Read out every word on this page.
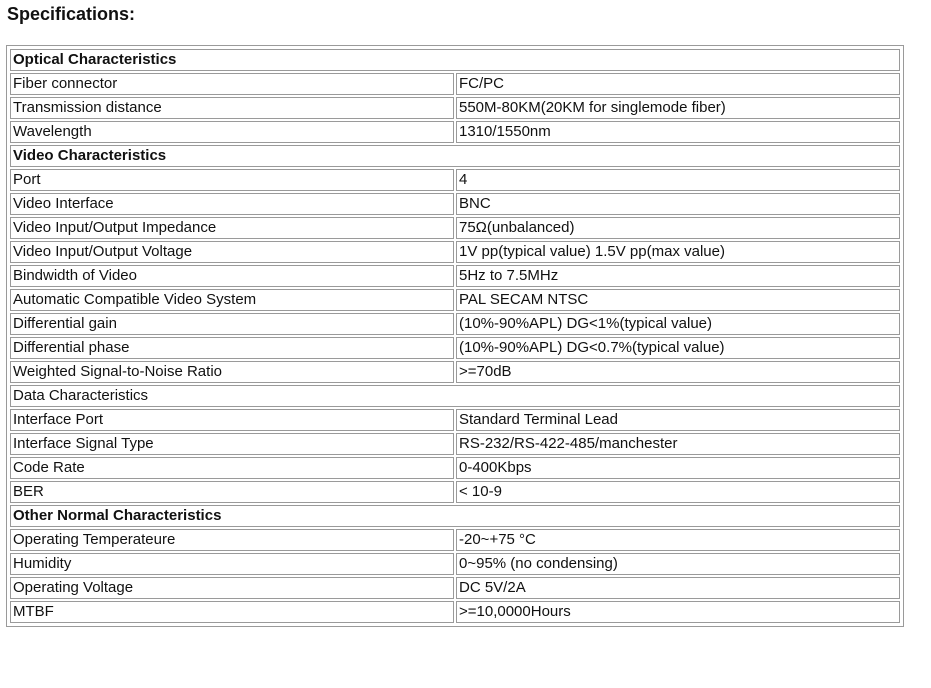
Specifications:
Optical Characteristics	
Fiber connector	FC/PC
Transmission distance	550M-80KM(20KM for singlemode fiber)
Wavelength	1310/1550nm
Video Characteristics	
Port	4
Video Interface	BNC
Video Input/Output Impedance	75Ω(unbalanced)
Video Input/Output Voltage	1V pp(typical value) 1.5V pp(max value)
Bindwidth of Video	5Hz to 7.5MHz
Automatic Compatible Video System	PAL SECAM NTSC
Differential gain	(10%-90%APL) DG<1%(typical value)
Differential phase	(10%-90%APL) DG<0.7%(typical value)
Weighted Signal-to-Noise Ratio	>=70dB
Data Characteristics	
Interface Port	Standard Terminal Lead
Interface Signal Type	RS-232/RS-422-485/manchester
Code Rate	0-400Kbps
BER	< 10-9
Other Normal Characteristics	
Operating Temperateure	-20~+75 °C
Humidity	0~95% (no condensing)
Operating Voltage	DC 5V/2A
MTBF	>=10,0000Hours
